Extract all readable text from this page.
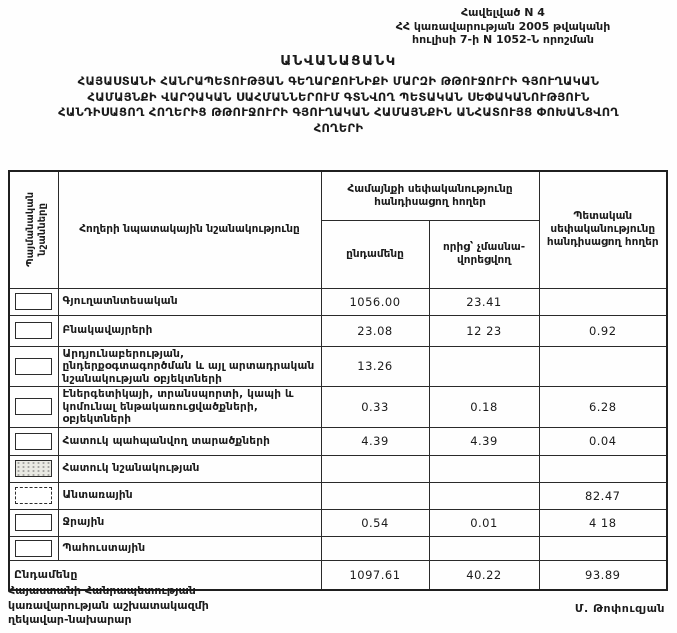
Հավելված N 4
ՀՀ կառավարության 2005 թվականի
հուլիսի 7-ի N 1052-Ն որոշման
ԱՆՎԱՆԱՑԱՆԿ
ՀԱՅԱՍՏԱՆԻ ՀԱՆՐԱՊԵՏՈՒԹՅԱՆ ԳԵՂԱՐՔՈՒՆԻՔԻ ՄԱՐԶԻ ԹԹՈՒՋՈՒՐԻ ԳՅՈՒՂԱԿԱՆ
ՀԱՄԱՅՆՔԻ ՎԱՐՉԱԿԱՆ ՍԱՀՄԱՆՆԵՐՈՒՄ ԳՏՆՎՈՂ ՊԵՏԱԿԱՆ ՍԵՓԱԿԱՆՈՒԹՅՈՒՆ
ՀԱՆԴԻՍԱՑՈՂ ՀՈՂԵՐԻՑ ԹԹՈՒՋՈՒՐԻ ԳՅՈՒՂԱԿԱՆ ՀԱՄԱՅՆՔԻՆ ԱՆՀԱՏՈՒՅՑ ՓՈԽԱՆՑՎՈՂ
ՀՈՂԵՐԻ
Պայմանական նշանները	Հողերի նպատակային նշանակությունը	Համայնքի սեփականությունը հանդիսացող հողեր		Պետական սեփականությունը հանդիսացող հողեր
		ընդամենը	որից՝ չմասնա-վորեցվող	

	Գյուղատնտեսական	1056.00	23.41	

	Բնակավայրերի	23.08	12 23	0.92

	Արդյունաբերության, ընդերքօգտագործման և այլ արտադրական նշանակության օբյեկտների	13.26		

	Էներգետիկայի, տրանսպորտի, կապի և կոմունալ ենթակառուցվածքների, օբյեկտների	0.33	0.18	6.28

	Հատուկ պահպանվող տարածքների	4.39	4.39	0.04

	Հատուկ նշանակության			

	Անտառային			82.47

	Ջրային	0.54	0.01	4 18

	Պահուստային			
Ընդամենը		1097.61	40.22	93.89
Հայաստանի Հանրապետության
կառավարության աշխատակազմի
ղեկավար-նախարար
Մ. Թոփուզյան
